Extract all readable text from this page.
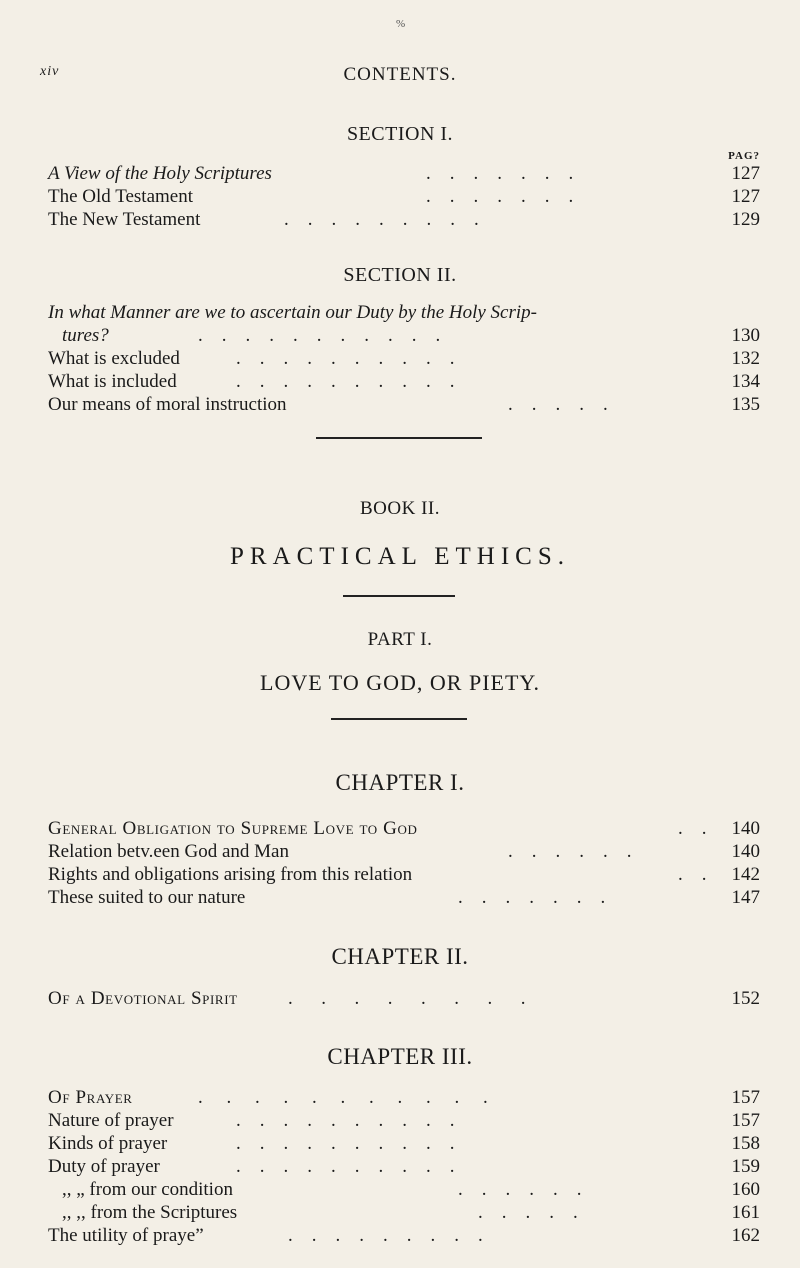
%
xiv	CONTENTS.
SECTION I.
PAG?
A View of the Holy Scriptures	.    .    .    .    .    .    .	127
The Old Testament	.    .    .    .    .    .    .	127
The New Testament	.    .    .    .    .    .    .    .    .	129
SECTION II.
In what Manner are we to ascertain our Duty by the Holy Scrip-
tures?	.    .    .    .    .    .    .    .    .    .    .	130
What is excluded	.    .    .    .    .    .    .    .    .    .	132
What is included	.    .    .    .    .    .    .    .    .    .	134
Our means of moral instruction	.    .    .    .    .	135
BOOK II.
PRACTICAL ETHICS.
PART I.
LOVE TO GOD, OR PIETY.
CHAPTER I.
General Obligation to Supreme Love to God	.    . 140
Relation betv.een God and Man	.    .    .    .    .    .	140
Rights and obligations arising from this relation	.    . 142
These suited to our nature	.    .    .    .    .    .    .	147
CHAPTER II.
Of a Devotional Spirit	.      .      .      .      .      .      .      .	152
CHAPTER III.
Of Prayer	.     .     .     .     .     .     .     .     .     .     .	157
Nature of prayer	.    .    .    .    .    .    .    .    .    .	157
Kinds of prayer	.    .    .    .    .    .    .    .    .    .	158
Duty of prayer	.    .    .    .    .    .    .    .    .    .	159
,, „ from our condition	.    .    .    .    .    .	160
,, ,, from the Scriptures	.    .    .    .    .	161
The utility of praye”	.    .    .    .    .    .    .    .    .	162
